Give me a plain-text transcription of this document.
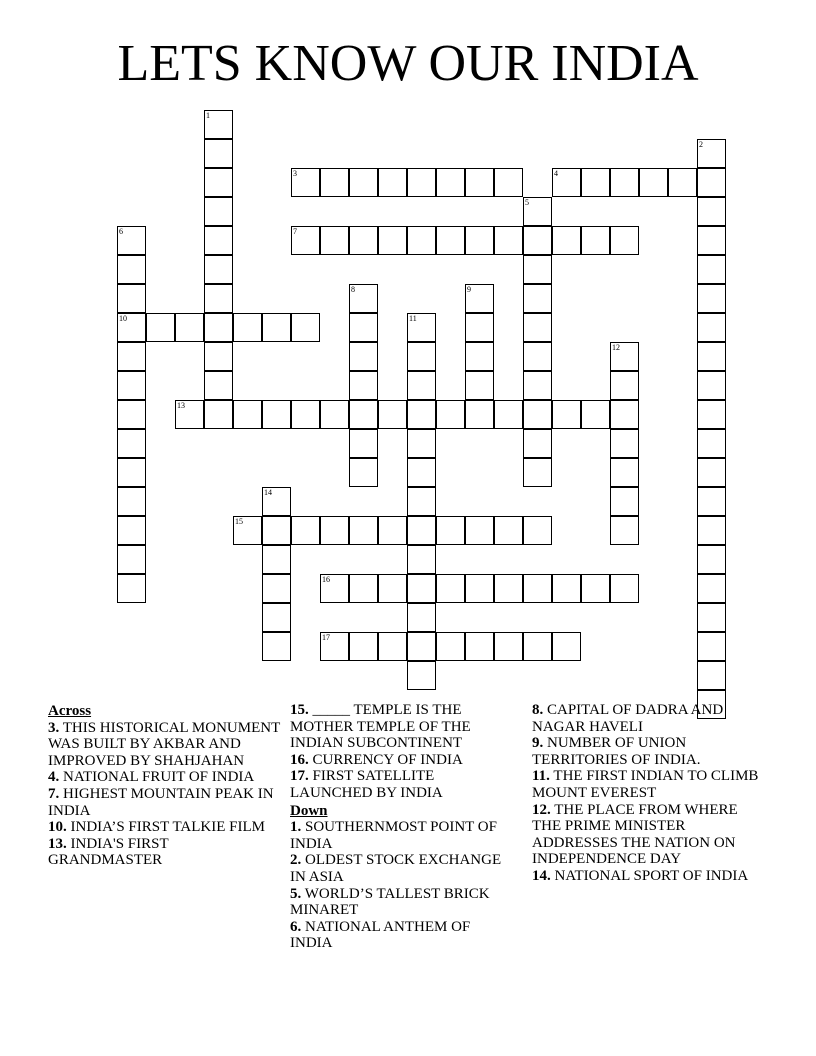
LETS KNOW OUR INDIA
1
2
3	4
5
6
10
7
8	9
11
12
13
14
15
16
17
Across
3. THIS HISTORICAL MONUMENT WAS BUILT BY AKBAR AND IMPROVED BY SHAHJAHAN
4. NATIONAL FRUIT OF INDIA
7. HIGHEST MOUNTAIN PEAK IN INDIA
10. INDIA’S FIRST TALKIE FILM
13. INDIA'S FIRST GRANDMASTER
15. _____ TEMPLE IS THE MOTHER TEMPLE OF THE INDIAN SUBCONTINENT
16. CURRENCY OF INDIA
17. FIRST SATELLITE LAUNCHED BY INDIA
Down
1. SOUTHERNMOST POINT OF INDIA
2. OLDEST STOCK EXCHANGE IN ASIA
5. WORLD’S TALLEST BRICK MINARET
6. NATIONAL ANTHEM OF INDIA
8. CAPITAL OF DADRA AND NAGAR HAVELI
9. NUMBER OF UNION TERRITORIES OF INDIA.
11. THE FIRST INDIAN TO CLIMB MOUNT EVEREST
12. THE PLACE FROM WHERE THE PRIME MINISTER ADDRESSES THE NATION ON INDEPENDENCE DAY
14. NATIONAL SPORT OF INDIA
